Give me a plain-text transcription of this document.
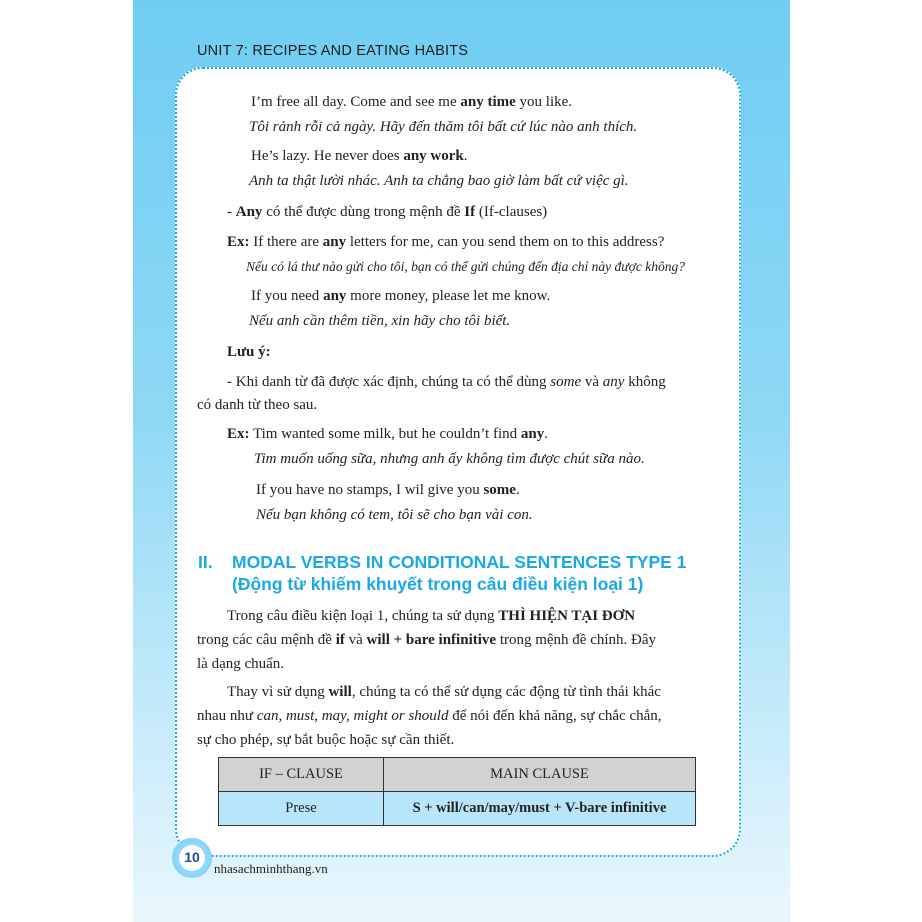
UNIT 7: RECIPES AND EATING HABITS
I’m free all day. Come and see me any time you like.
Tôi rảnh rỗi cả ngày. Hãy đến thăm tôi bất cứ lúc nào anh thích.
He’s lazy. He never does any work.
Anh ta thật lười nhác. Anh ta chẳng bao giờ làm bất cứ việc gì.
- Any có thể được dùng trong mệnh đề If (If-clauses)
Ex: If there are any letters for me, can you send them on to this address?
Nếu có lá thư nào gửi cho tôi, bạn có thể gửi chúng đến địa chỉ này được không?
If you need any more money, please let me know.
Nếu anh cần thêm tiền, xin hãy cho tôi biết.
Lưu ý:
- Khi danh từ đã được xác định, chúng ta có thể dùng some và any không
có danh từ theo sau.
Ex: Tim wanted some milk, but he couldn’t find any.
Tim muốn uống sữa, nhưng anh ấy không tìm được chút sữa nào.
If you have no stamps, I wil give you some.
Nếu bạn không có tem, tôi sẽ cho bạn vài con.
II. MODAL VERBS IN CONDITIONAL SENTENCES TYPE 1
(Động từ khiếm khuyết trong câu điều kiện loại 1)
Trong câu điều kiện loại 1, chúng ta sử dụng THÌ HIỆN TẠI ĐƠN
trong các câu mệnh đề if và will + bare infinitive trong mệnh đề chính. Đây
là dạng chuẩn.
Thay vì sử dụng will, chúng ta có thể sử dụng các động từ tình thái khác
nhau như can, must, may, might or should để nói đến khả năng, sự chắc chắn,
sự cho phép, sự bắt buộc hoặc sự cần thiết.
IF – CLAUSE	MAIN CLAUSE
Prese	S + will/can/may/must + V-bare infinitive
10
nhasachminhthang.vn
